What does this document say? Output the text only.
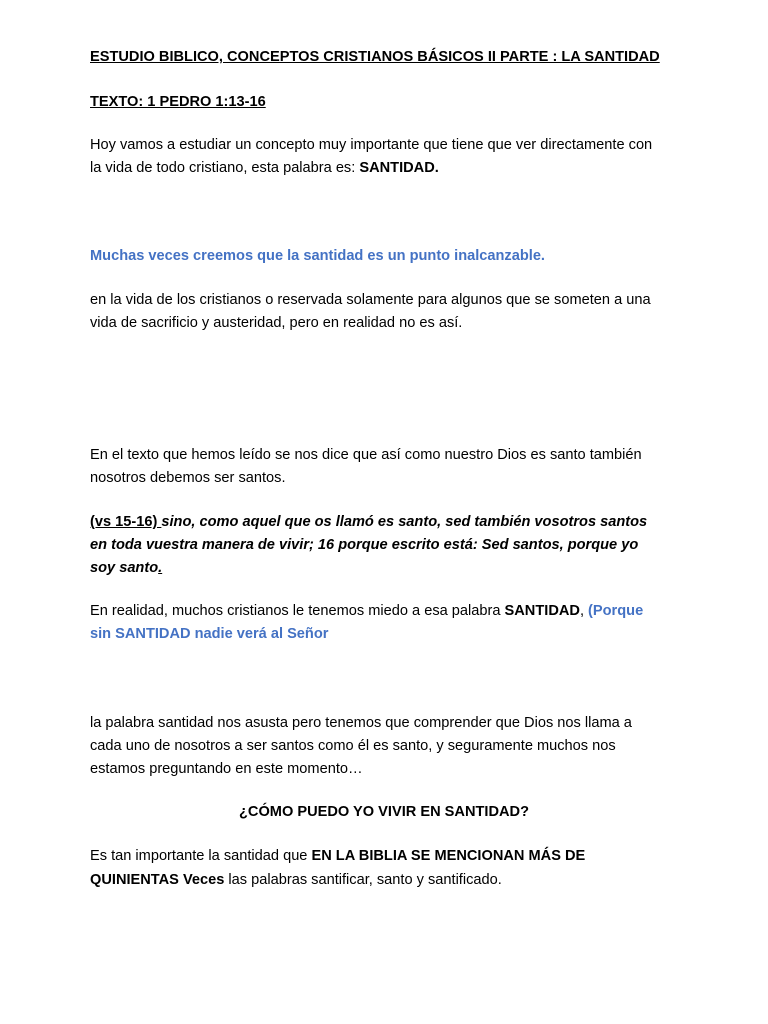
ESTUDIO BIBLICO, CONCEPTOS CRISTIANOS BÁSICOS II PARTE : LA SANTIDAD
TEXTO: 1 PEDRO 1:13-16
Hoy vamos a estudiar un concepto muy importante que tiene que ver directamente con
la vida de todo cristiano, esta palabra es: SANTIDAD.
Muchas veces creemos que la santidad es un punto inalcanzable.
en la vida de los cristianos o reservada solamente para algunos que se someten a una
vida de sacrificio y austeridad, pero en realidad no es así.
En el texto que hemos leído se nos dice que así como nuestro Dios es santo también
nosotros debemos ser santos.
(vs 15-16) sino, como aquel que os llamó es santo, sed también vosotros santos
en toda vuestra manera de vivir; 16 porque escrito está: Sed santos, porque yo
soy santo.
En realidad, muchos cristianos le tenemos miedo a esa palabra SANTIDAD, (Porque
sin SANTIDAD nadie verá al Señor
la palabra santidad nos asusta pero tenemos que comprender que Dios nos llama a
cada uno de nosotros a ser santos como él es santo, y seguramente muchos nos
estamos preguntando en este momento…
¿CÓMO PUEDO YO VIVIR EN SANTIDAD?
Es tan importante la santidad que EN LA BIBLIA SE MENCIONAN MÁS DE
QUINIENTAS Veces las palabras santificar, santo y santificado.
